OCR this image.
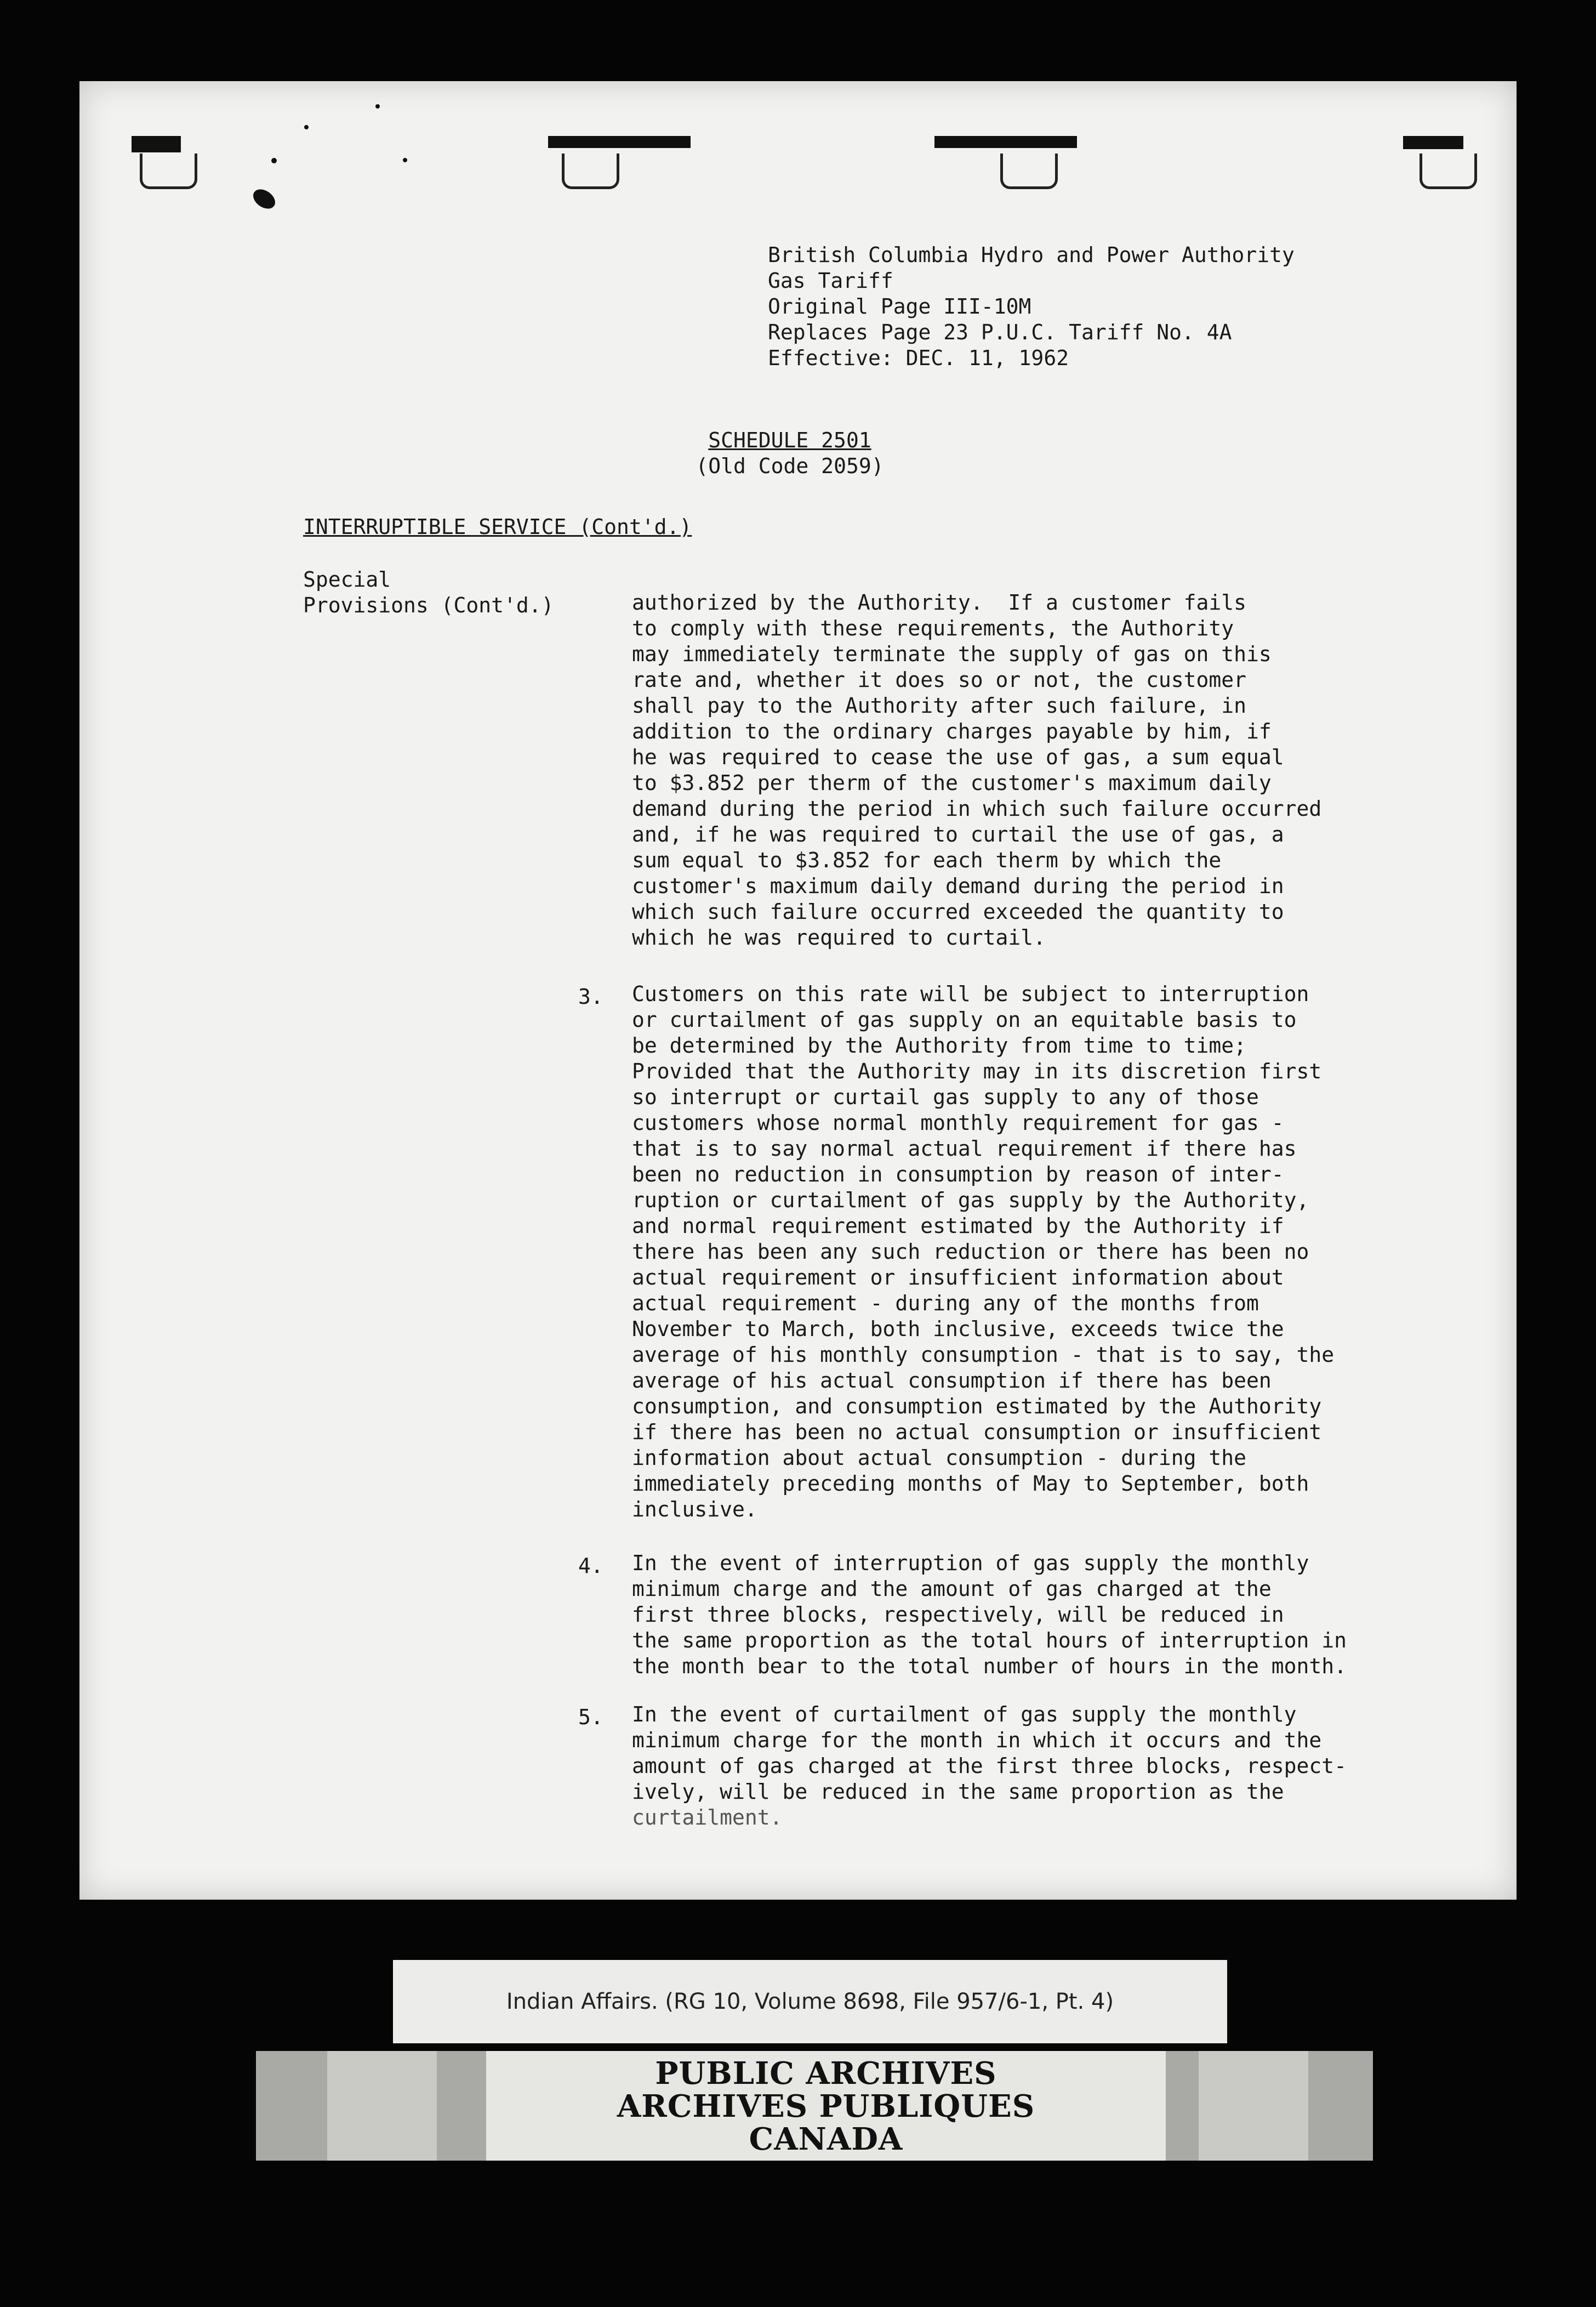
British Columbia Hydro and Power Authority
Gas Tariff
Original Page III-10M
Replaces Page 23 P.U.C. Tariff No. 4A
Effective: DEC. 11, 1962
SCHEDULE 2501
(Old Code 2059)
INTERRUPTIBLE SERVICE (Cont'd.)
Special
Provisions (Cont'd.)	authorized by the Authority.  If a customer fails
to comply with these requirements, the Authority
may immediately terminate the supply of gas on this
rate and, whether it does so or not, the customer
shall pay to the Authority after such failure, in
addition to the ordinary charges payable by him, if
he was required to cease the use of gas, a sum equal
to $3.852 per therm of the customer's maximum daily
demand during the period in which such failure occurred
and, if he was required to curtail the use of gas, a
sum equal to $3.852 for each therm by which the
customer's maximum daily demand during the period in
which such failure occurred exceeded the quantity to
which he was required to curtail.
3. Customers on this rate will be subject to interruption
or curtailment of gas supply on an equitable basis to
be determined by the Authority from time to time;
Provided that the Authority may in its discretion first
so interrupt or curtail gas supply to any of those
customers whose normal monthly requirement for gas -
that is to say normal actual requirement if there has
been no reduction in consumption by reason of inter-
ruption or curtailment of gas supply by the Authority,
and normal requirement estimated by the Authority if
there has been any such reduction or there has been no
actual requirement or insufficient information about
actual requirement - during any of the months from
November to March, both inclusive, exceeds twice the
average of his monthly consumption - that is to say, the
average of his actual consumption if there has been
consumption, and consumption estimated by the Authority
if there has been no actual consumption or insufficient
information about actual consumption - during the
immediately preceding months of May to September, both
inclusive.
4. In the event of interruption of gas supply the monthly
minimum charge and the amount of gas charged at the
first three blocks, respectively, will be reduced in
the same proportion as the total hours of interruption in
the month bear to the total number of hours in the month.
5. In the event of curtailment of gas supply the monthly
minimum charge for the month in which it occurs and the
amount of gas charged at the first three blocks, respect-
ively, will be reduced in the same proportion as the
curtailment.
Indian Affairs. (RG 10, Volume 8698, File 957/6-1, Pt. 4)
PUBLIC ARCHIVES
ARCHIVES PUBLIQUES
CANADA
